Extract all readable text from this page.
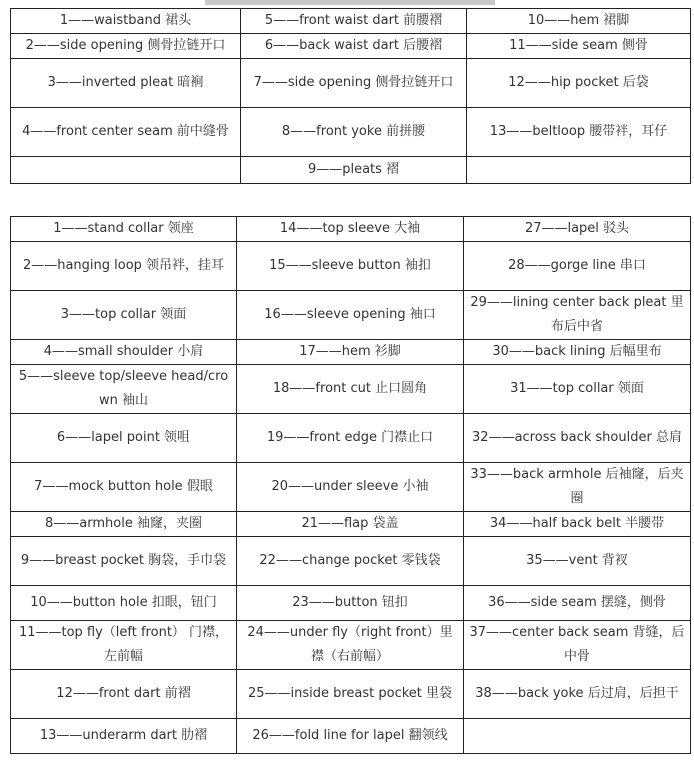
1——waistband 裙头	5——front waist dart 前腰褶	10——hem 裙脚
2——side opening 侧骨拉链开口	6——back waist dart 后腰褶	11——side seam 侧骨
3——inverted pleat 暗裥	7——side opening 侧骨拉链开口	12——hip pocket 后袋
4——front center seam 前中缝骨	8——front yoke 前拼腰	13——beltloop 腰带袢，耳仔
	9——pleats 褶	
1——stand collar 领座	14——top sleeve 大袖	27——lapel 驳头
2——hanging loop 领吊袢，挂耳	15——sleeve button 袖扣	28——gorge line 串口
3——top collar 领面	16——sleeve opening 袖口	29——lining center back pleat 里布后中省
4——small shoulder 小肩	17——hem 衫脚	30——back lining 后幅里布
5——sleeve top/sleeve head/crown 袖山	18——front cut 止口圆角	31——top collar 领面
6——lapel point 领咀	19——front edge 门襟止口	32——across back shoulder 总肩
7——mock button hole 假眼	20——under sleeve 小袖	33——back armhole 后袖窿，后夹圈
8——armhole 袖窿，夹圈	21——flap 袋盖	34——half back belt 半腰带
9——breast pocket 胸袋，手巾袋	22——change pocket 零钱袋	35——vent 背衩
10——button hole 扣眼，钮门	23——button 钮扣	36——side seam 摆缝，侧骨
11——top fly（left front） 门襟，左前幅	24——under fly（right front）里襟（右前幅）	37——center back seam 背缝，后中骨
12——front dart 前褶	25——inside breast pocket 里袋	38——back yoke 后过肩，后担干
13——underarm dart 肋褶	26——fold line for lapel 翻领线	
